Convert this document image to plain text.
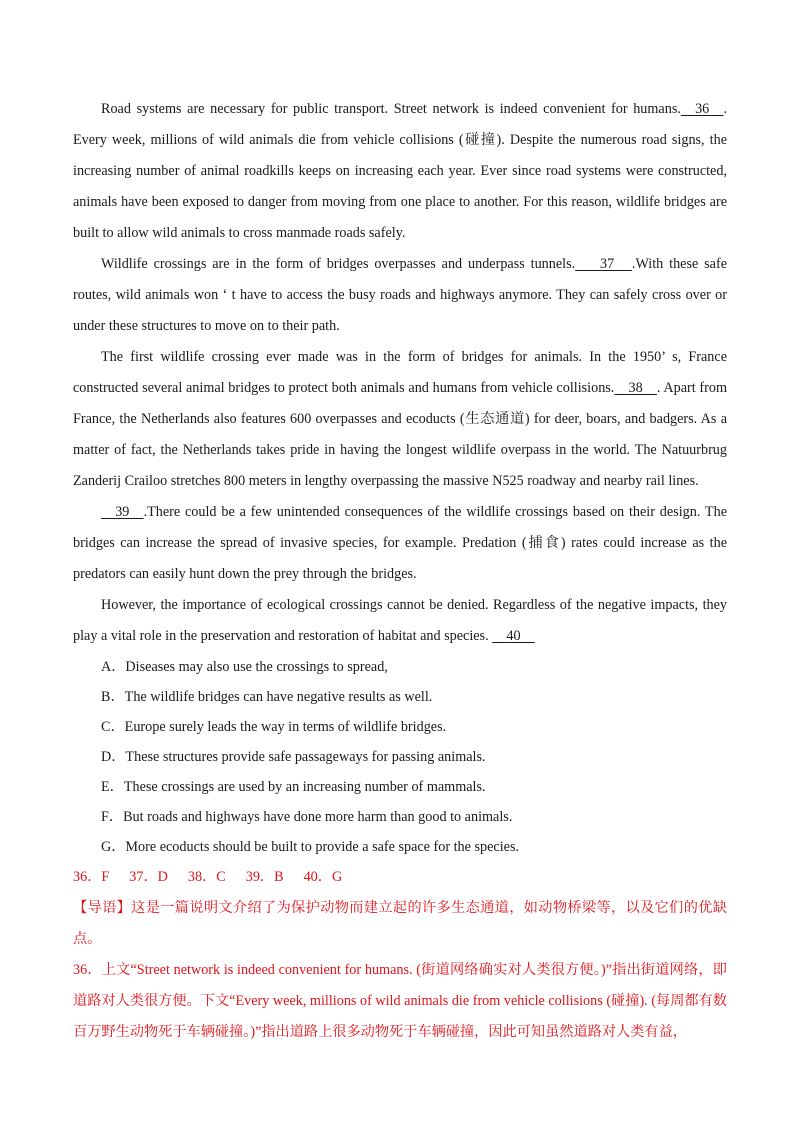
Road systems are necessary for public transport. Street network is indeed convenient for humans. 36 . Every week, millions of wild animals die from vehicle collisions (碰撞). Despite the numerous road signs, the increasing number of animal roadkills keeps on increasing each year. Ever since road systems were constructed, animals have been exposed to danger from moving from one place to another. For this reason, wildlife bridges are built to allow wild animals to cross manmade roads safely.

Wildlife crossings are in the form of bridges overpasses and underpass tunnels. 37 .With these safe routes, wild animals won ‘ t have to access the busy roads and highways anymore. They can safely cross over or under these structures to move on to their path.

The first wildlife crossing ever made was in the form of bridges for animals. In the 1950’ s, France constructed several animal bridges to protect both animals and humans from vehicle collisions. 38 . Apart from France, the Netherlands also features 600 overpasses and ecoducts (生态通道) for deer, boars, and badgers. As a matter of fact, the Netherlands takes pride in having the longest wildlife overpass in the world. The Natuurbrug Zanderij Crailoo stretches 800 meters in lengthy overpassing the massive N525 roadway and nearby rail lines.

39 .There could be a few unintended consequences of the wildlife crossings based on their design. The bridges can increase the spread of invasive species, for example. Predation (捕食) rates could increase as the predators can easily hunt down the prey through the bridges.

However, the importance of ecological crossings cannot be denied. Regardless of the negative impacts, they play a vital role in the preservation and restoration of habitat and species. 40

A．Diseases may also use the crossings to spread,
B．The wildlife bridges can have negative results as well.
C．Europe surely leads the way in terms of wildlife bridges.
D．These structures provide safe passageways for passing animals.
E．These crossings are used by an increasing number of mammals.
F．But roads and highways have done more harm than good to animals.
G．More ecoducts should be built to provide a safe space for the species.
36．F 37．D 38．C 39．B 40．G

【导语】这是一篇说明文介绍了为保护动物而建立起的许多生态通道，如动物桥梁等，以及它们的优缺点。

36．上文“Street network is indeed convenient for humans. (街道网络确实对人类很方便。)”指出街道网络，即道路对人类很方便。下文“Every week, millions of wild animals die from vehicle collisions (碰撞). (每周都有数百万野生动物死于车辆碰撞。)”指出道路上很多动物死于车辆碰撞，因此可知虽然道路对人类有益，
